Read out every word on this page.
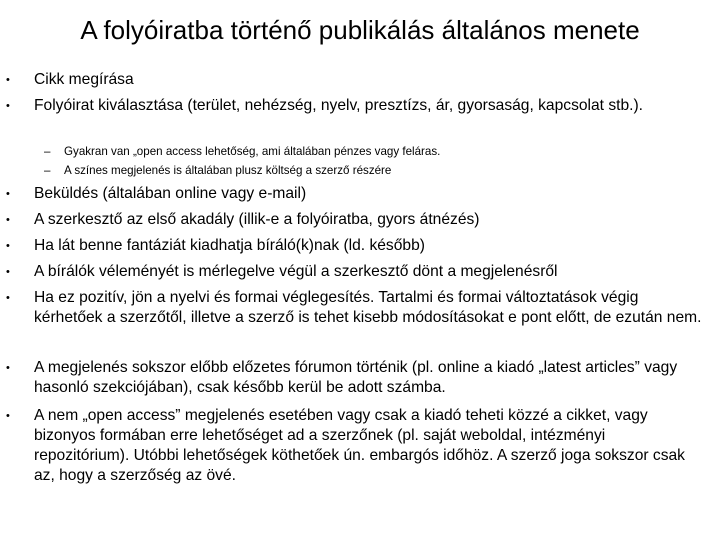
A folyóiratba történő publikálás általános menete
• Cikk megírása
• Folyóirat kiválasztása (terület, nehézség, nyelv, presztízs, ár, gyorsaság, kapcsolat stb.).
– Gyakran van „open access lehetőség, ami általában pénzes vagy feláras.
– A színes megjelenés is általában plusz költség a szerző részére
• Beküldés (általában online vagy e-mail)
• A szerkesztő az első akadály (illik-e a folyóiratba, gyors átnézés)
• Ha lát benne fantáziát kiadhatja bíráló(k)nak (ld. később)
• A bírálók véleményét is mérlegelve végül a szerkesztő dönt a megjelenésről
• Ha ez pozitív, jön a nyelvi és formai véglegesítés. Tartalmi és formai változtatások végig kérhetőek a szerzőtől, illetve a szerző is tehet kisebb módosításokat e pont előtt, de ezután nem.
• A megjelenés sokszor előbb előzetes fórumon történik (pl. online a kiadó „latest articles” vagy hasonló szekciójában), csak később kerül be adott számba.
• A nem „open access” megjelenés esetében vagy csak a kiadó teheti közzé a cikket, vagy bizonyos formában erre lehetőséget ad a szerzőnek (pl. saját weboldal, intézményi repozitórium). Utóbbi lehetőségek köthetőek ún. embargós időhöz. A szerző joga sokszor csak az, hogy a szerzőség az övé.
